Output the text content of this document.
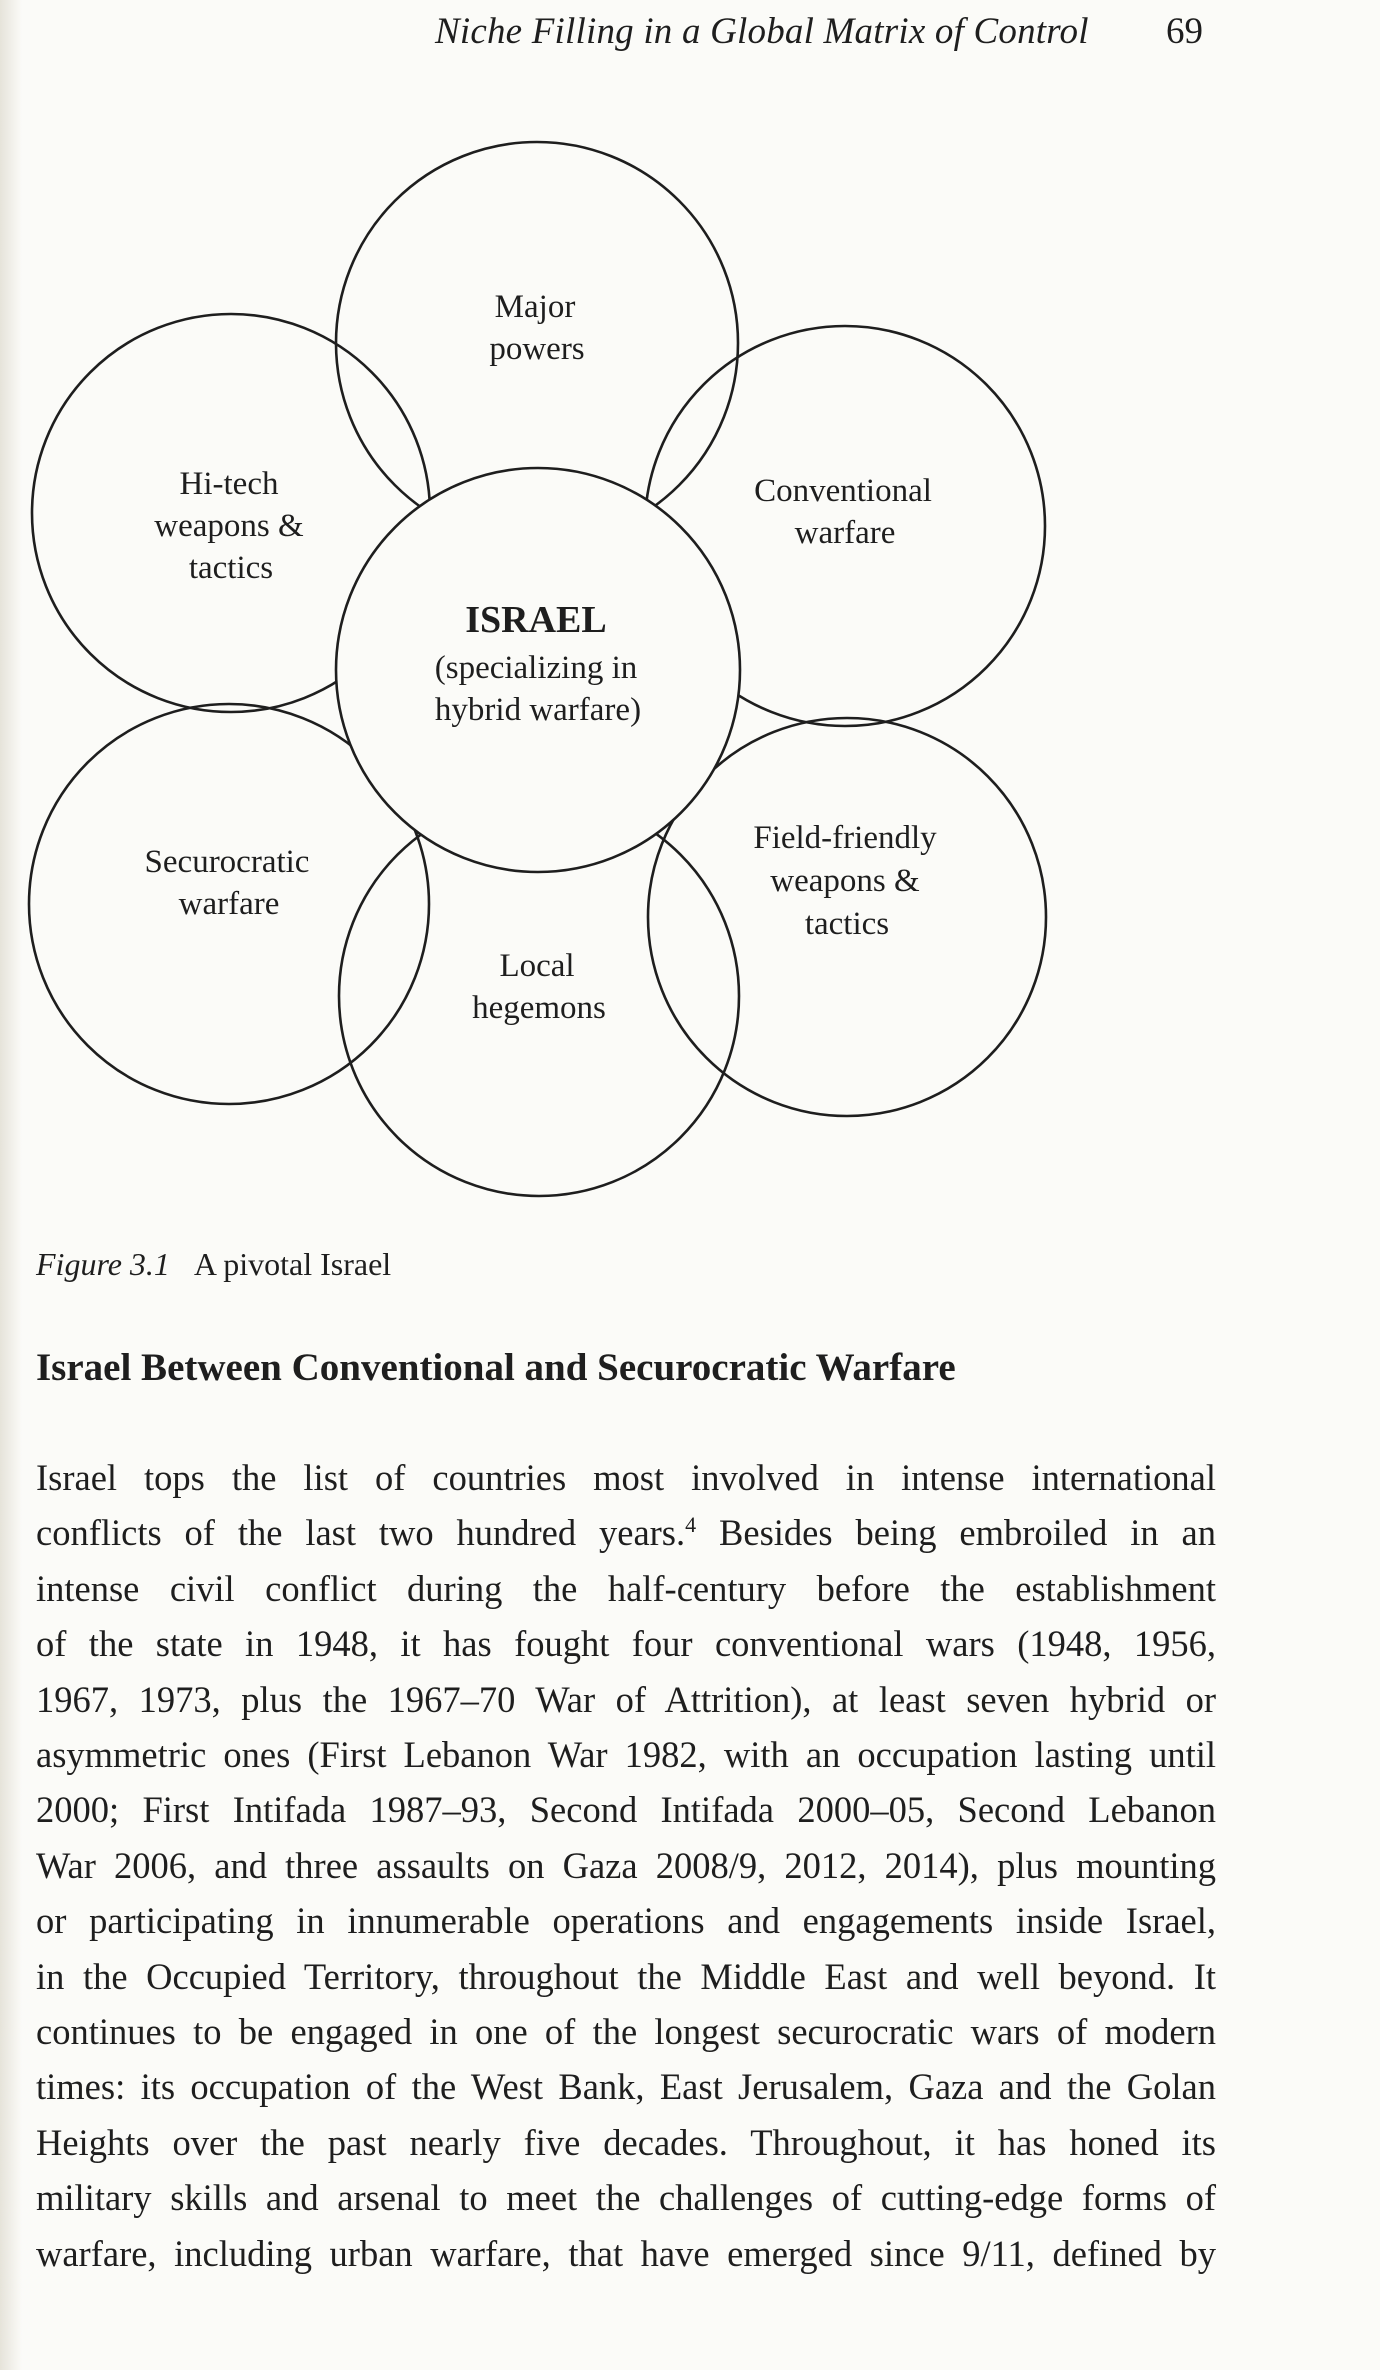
Niche Filling in a Global Matrix of Control 69
Major powers
Conventional warfare
Field-friendly weapons & tactics
Local hegemons
Securocratic warfare
Hi-tech weapons & tactics
ISRAEL (specializing in hybrid warfare)
Figure 3.1 A pivotal Israel
Israel Between Conventional and Securocratic Warfare
Israel tops the list of countries most involved in intense international
conflicts of the last two hundred years.$^4$ Besides being embroiled in an
intense civil conflict during the half-century before the establishment
of the state in 1948, it has fought four conventional wars (1948, 1956,
1967, 1973, plus the 1967–70 War of Attrition), at least seven hybrid or
asymmetric ones (First Lebanon War 1982, with an occupation lasting until
2000; First Intifada 1987–93, Second Intifada 2000–05, Second Lebanon
War 2006, and three assaults on Gaza 2008/9, 2012, 2014), plus mounting
or participating in innumerable operations and engagements inside Israel,
in the Occupied Territory, throughout the Middle East and well beyond. It
continues to be engaged in one of the longest securocratic wars of modern
times: its occupation of the West Bank, East Jerusalem, Gaza and the Golan
Heights over the past nearly five decades. Throughout, it has honed its
military skills and arsenal to meet the challenges of cutting-edge forms of
warfare, including urban warfare, that have emerged since 9/11, defined by
